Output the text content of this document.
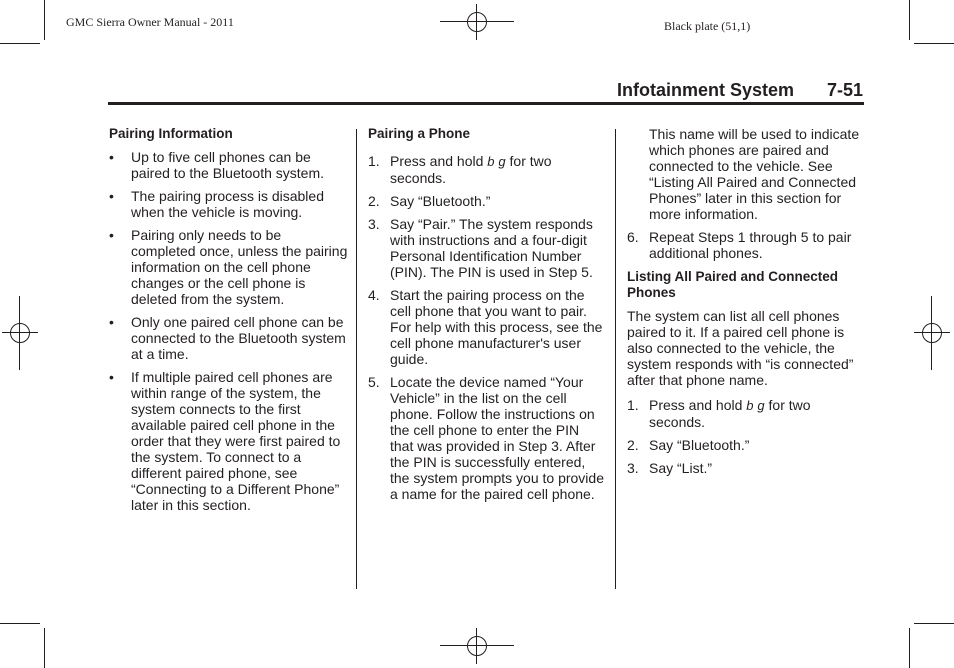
GMC Sierra Owner Manual - 2011	Black plate (51,1)
Infotainment System 7-51
Pairing Information
• Up to five cell phones can be paired to the Bluetooth system.
• The pairing process is disabled when the vehicle is moving.
• Pairing only needs to be completed once, unless the pairing information on the cell phone changes or the cell phone is deleted from the system.
• Only one paired cell phone can be connected to the Bluetooth system at a time.
• If multiple paired cell phones are within range of the system, the system connects to the first available paired cell phone in the order that they were first paired to the system. To connect to a different paired phone, see “Connecting to a Different Phone” later in this section.
Pairing a Phone
1. Press and hold b g for two seconds.
2. Say “Bluetooth.”
3. Say “Pair.” The system responds with instructions and a four-digit Personal Identification Number (PIN). The PIN is used in Step 5.
4. Start the pairing process on the cell phone that you want to pair. For help with this process, see the cell phone manufacturer's user guide.
5. Locate the device named “Your Vehicle” in the list on the cell phone. Follow the instructions on the cell phone to enter the PIN that was provided in Step 3. After the PIN is successfully entered, the system prompts you to provide a name for the paired cell phone.
This name will be used to indicate which phones are paired and connected to the vehicle. See “Listing All Paired and Connected Phones” later in this section for more information.
6. Repeat Steps 1 through 5 to pair additional phones.
Listing All Paired and Connected Phones
The system can list all cell phones paired to it. If a paired cell phone is also connected to the vehicle, the system responds with “is connected” after that phone name.
1. Press and hold b g for two seconds.
2. Say “Bluetooth.”
3. Say “List.”
